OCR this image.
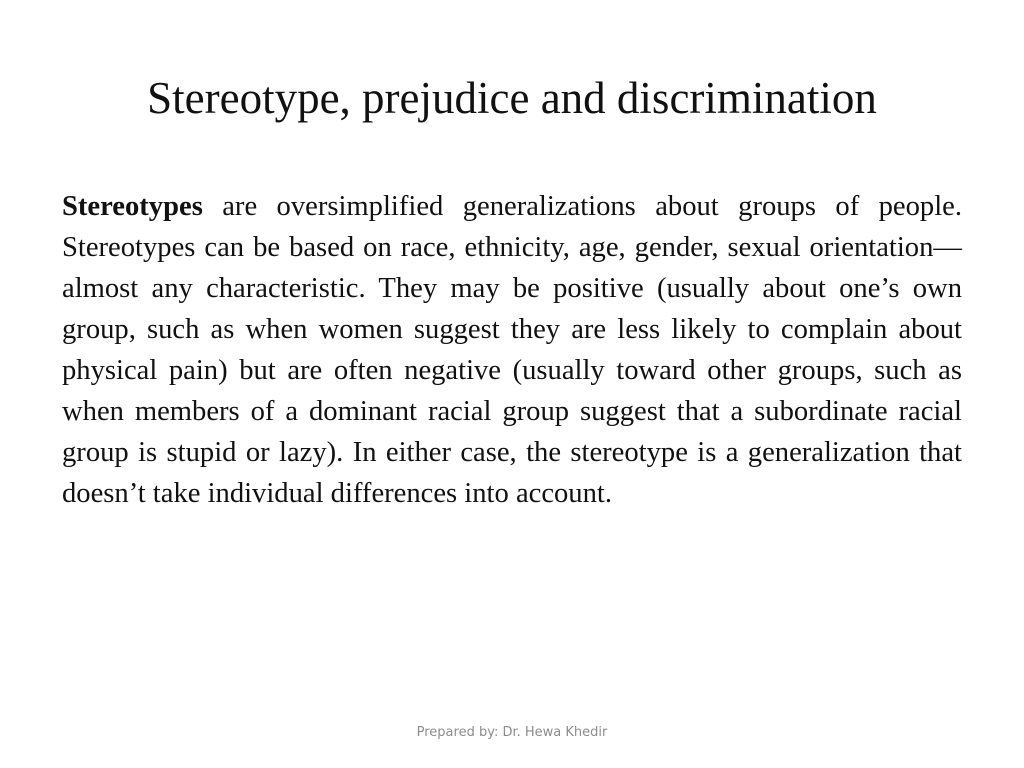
Stereotype, prejudice and discrimination

Stereotypes are oversimplified generalizations about groups of people. Stereotypes can be based on race, ethnicity, age, gender, sexual orientation—almost any characteristic. They may be positive (usually about one’s own group, such as when women suggest they are less likely to complain about physical pain) but are often negative (usually toward other groups, such as when members of a dominant racial group suggest that a subordinate racial group is stupid or lazy). In either case, the stereotype is a generalization that doesn’t take individual differences into account.

Prepared by: Dr. Hewa Khedir
